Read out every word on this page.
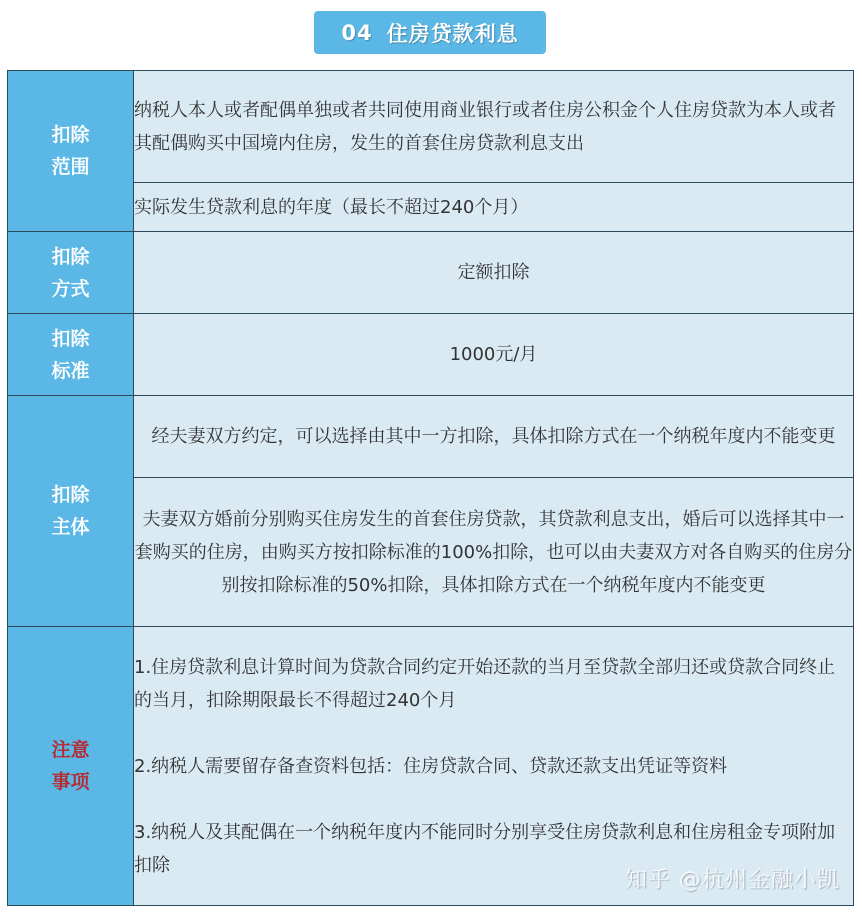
04 住房贷款利息
扣除
范围	纳税人本人或者配偶单独或者共同使用商业银行或者住房公积金个人住房贷款为本人或者其配偶购买中国境内住房，发生的首套住房贷款利息支出
	实际发生贷款利息的年度（最长不超过240个月）

扣除
方式	定额扣除

扣除
标准	1000元/月

扣除
主体	经夫妻双方约定，可以选择由其中一方扣除，具体扣除方式在一个纳税年度内不能变更
	夫妻双方婚前分别购买住房发生的首套住房贷款，其贷款利息支出，婚后可以选择其中一套购买的住房，由购买方按扣除标准的100%扣除，也可以由夫妻双方对各自购买的住房分别按扣除标准的50%扣除，具体扣除方式在一个纳税年度内不能变更

注意
事项

1.住房贷款利息计算时间为贷款合同约定开始还款的当月至贷款全部归还或贷款合同终止的当月，扣除期限最长不得超过240个月

2.纳税人需要留存备查资料包括：住房贷款合同、贷款还款支出凭证等资料

3.纳税人及其配偶在一个纳税年度内不能同时分别享受住房贷款利息和住房租金专项附加扣除

知乎 @杭州金融小凯
